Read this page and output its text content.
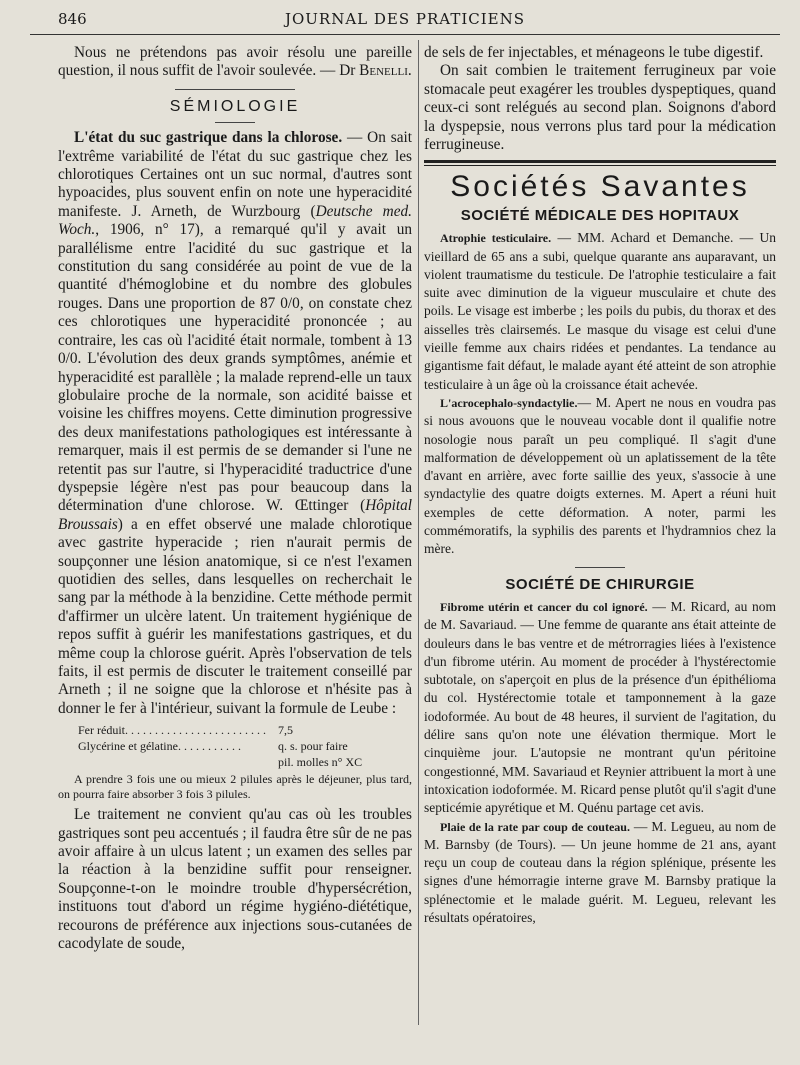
846	JOURNAL DES PRATICIENS

Nous ne prétendons pas avoir résolu une pareille question, il nous suffit de l'avoir soulevée. — Dr Benelli.

SÉMIOLOGIE

L'état du suc gastrique dans la chlorose. — On sait l'extrême variabilité de l'état du suc gastrique chez les chlorotiques Certaines ont un suc normal, d'autres sont hypoacides, plus souvent enfin on note une hyperacidité manifeste. J. Arneth, de Wurzbourg (Deutsche med. Woch., 1906, n° 17), a remarqué qu'il y avait un parallélisme entre l'acidité du suc gastrique et la constitution du sang considérée au point de vue de la quantité d'hémoglobine et du nombre des globules rouges. Dans une proportion de 87 0/0, on constate chez ces chlorotiques une hyperacidité prononcée ; au contraire, les cas où l'acidité était normale, tombent à 13 0/0. L'évolution des deux grands symptômes, anémie et hyperacidité est parallèle ; la malade reprend-elle un taux globulaire proche de la normale, son acidité baisse et voisine les chiffres moyens. Cette diminution progressive des deux manifestations pathologiques est intéressante à remarquer, mais il est permis de se demander si l'une ne retentit pas sur l'autre, si l'hyperacidité traductrice d'une dyspepsie légère n'est pas pour beaucoup dans la détermination d'une chlorose. W. Œttinger (Hôpital Broussais) a en effet observé une malade chlorotique avec gastrite hyperacide ; rien n'aurait permis de soupçonner une lésion anatomique, si ce n'est l'examen quotidien des selles, dans lesquelles on recherchait le sang par la méthode à la benzidine. Cette méthode permit d'affirmer un ulcère latent. Un traitement hygiénique de repos suffit à guérir les manifestations gastriques, et du même coup la chlorose guérit. Après l'observation de tels faits, il est permis de discuter le traitement conseillé par Arneth ; il ne soigne que la chlorose et n'hésite pas à donner le fer à l'intérieur, suivant la formule de Leube :

Fer réduit. . . . . . . . . . . . . . . . . . . . . . . .	7,5
Glycérine et gélatine. . . . . . . . . . .	q. s. pour faire
pil. molles n° XC

A prendre 3 fois une ou mieux 2 pilules après le déjeuner, plus tard, on pourra faire absorber 3 fois 3 pilules.

Le traitement ne convient qu'au cas où les troubles gastriques sont peu accentués ; il faudra être sûr de ne pas avoir affaire à un ulcus latent ; un examen des selles par la réaction à la benzidine suffit pour renseigner. Soupçonne-t-on le moindre trouble d'hypersécrétion, instituons tout d'abord un régime hygiéno-diététique, recourons de préférence aux injections sous-cutanées de cacodylate de soude,

de sels de fer injectables, et ménageons le tube digestif.

On sait combien le traitement ferrugineux par voie stomacale peut exagérer les troubles dyspeptiques, quand ceux-ci sont relégués au second plan. Soignons d'abord la dyspepsie, nous verrons plus tard pour la médication ferrugineuse.

Sociétés Savantes
SOCIÉTÉ MÉDICALE DES HOPITAUX

Atrophie testiculaire. — MM. Achard et Demanche. — Un vieillard de 65 ans a subi, quelque quarante ans auparavant, un violent traumatisme du testicule. De l'atrophie testiculaire a fait suite avec diminution de la vigueur musculaire et chute des poils. Le visage est imberbe ; les poils du pubis, du thorax et des aisselles très clairsemés. Le masque du visage est celui d'une vieille femme aux chairs ridées et pendantes. La tendance au gigantisme fait défaut, le malade ayant été atteint de son atrophie testiculaire à un âge où la croissance était achevée.

L'acrocephalo-syndactylie.— M. Apert ne nous en voudra pas si nous avouons que le nouveau vocable dont il qualifie notre nosologie nous paraît un peu compliqué. Il s'agit d'une malformation de développement où un aplatissement de la tête d'avant en arrière, avec forte saillie des yeux, s'associe à une syndactylie des quatre doigts externes. M. Apert a réuni huit exemples de cette déformation. A noter, parmi les commémoratifs, la syphilis des parents et l'hydramnios chez la mère.

SOCIÉTÉ DE CHIRURGIE

Fibrome utérin et cancer du col ignoré. — M. Ricard, au nom de M. Savariaud. — Une femme de quarante ans était atteinte de douleurs dans le bas ventre et de métrorragies liées à l'existence d'un fibrome utérin. Au moment de procéder à l'hystérectomie subtotale, on s'aperçoit en plus de la présence d'un épithélioma du col. Hystérectomie totale et tamponnement à la gaze iodoformée. Au bout de 48 heures, il survient de l'agitation, du délire sans qu'on note une élévation thermique. Mort le cinquième jour. L'autopsie ne montrant qu'un péritoine congestionné, MM. Savariaud et Reynier attribuent la mort à une intoxication iodoformée. M. Ricard pense plutôt qu'il s'agit d'une septicémie apyrétique et M. Quénu partage cet avis.

Plaie de la rate par coup de couteau. — M. Legueu, au nom de M. Barnsby (de Tours). — Un jeune homme de 21 ans, ayant reçu un coup de couteau dans la région splénique, présente les signes d'une hémorragie interne grave M. Barnsby pratique la splénectomie et le malade guérit. M. Legueu, relevant les résultats opératoires,
